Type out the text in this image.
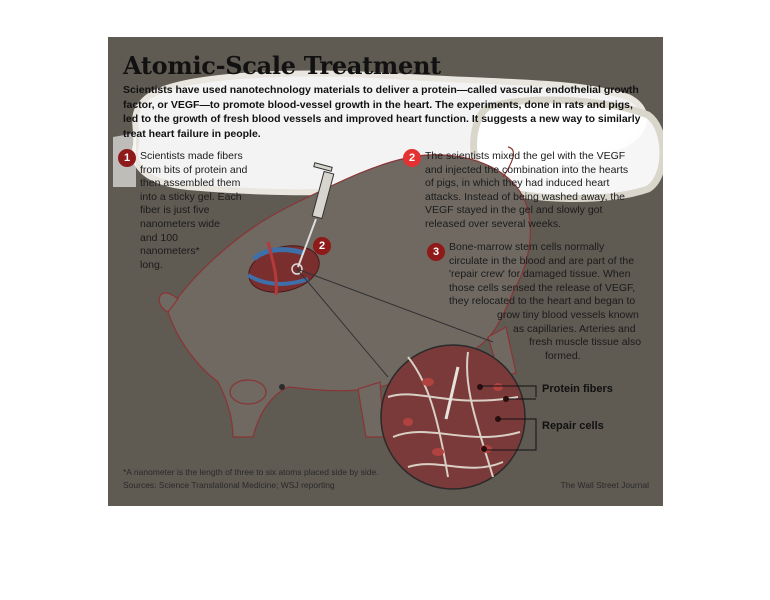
Atomic-Scale Treatment
Scientists have used nanotechnology materials to deliver a protein—called vascular endothelial growth factor, or VEGF—to promote blood-vessel growth in the heart. The experiments, done in rats and pigs, led to the growth of fresh blood vessels and improved heart function. It suggests a new way to similarly treat heart failure in people.
1 Scientists made fibers
from bits of protein and
then assembled them
into a sticky gel. Each
fiber is just five
nanometers wide
and 100
nanometers*
long.
2 The scientists mixed the gel with the VEGF
and injected the combination into the hearts
of pigs, in which they had induced heart
attacks. Instead of being washed away, the
VEGF stayed in the gel and slowly got
released over several weeks.
2	3 Bone-marrow stem cells normally
circulate in the blood and are part of the
'repair crew' for damaged tissue. When
those cells sensed the release of VEGF,
they relocated to the heart and began to
grow tiny blood vessels known
as capillaries. Arteries and
fresh muscle tissue also
formed.
Protein fibers
Repair cells
*A nanometer is the length of three to six atoms placed side by side.
Sources: Science Translational Medicine; WSJ reporting	The Wall Street Journal
